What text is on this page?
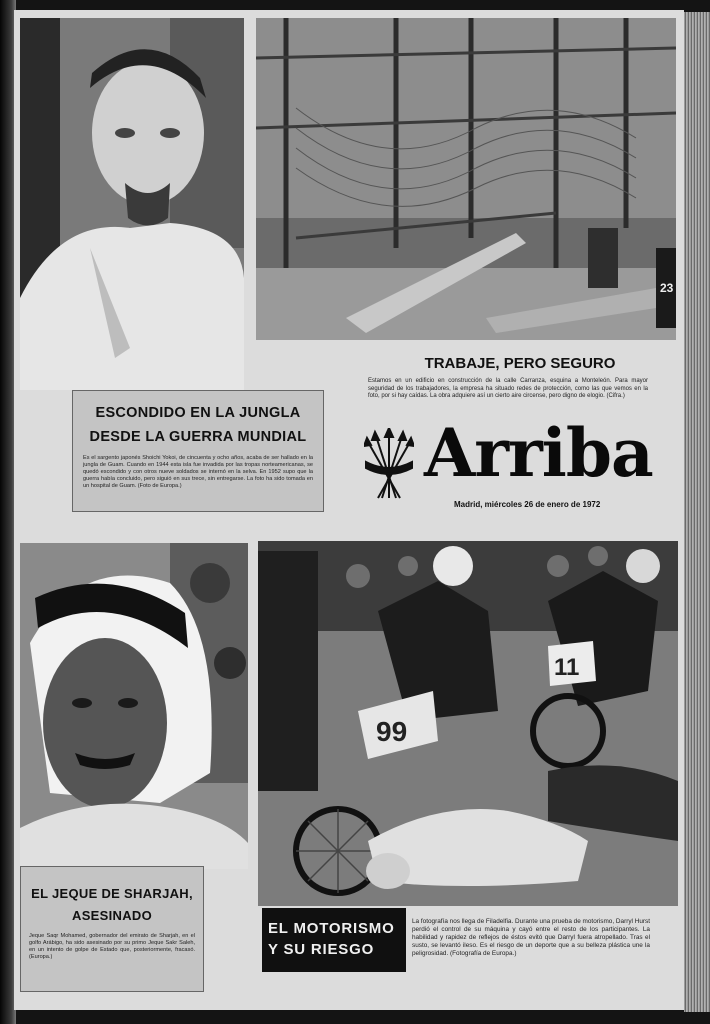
23
ESCONDIDO EN LA JUNGLA DESDE LA GUERRA MUNDIAL
Es el sargento japonés Shoichi Yokoi, de cincuenta y ocho años, acaba de ser hallado en la jungla de Guam. Cuando en 1944 esta isla fue invadida por las tropas norteamericanas, se quedó escondido y con otros nueve soldados se internó en la selva. En 1952 supo que la guerra había concluido, pero siguió en sus trece, sin entregarse. La foto ha sido tomada en un hospital de Guam. (Foto de Europa.)
TRABAJE, PERO SEGURO
Estamos en un edificio en construcción de la calle Carranza, esquina a Monteleón. Para mayor seguridad de los trabajadores, la empresa ha situado redes de protección, como las que vemos en la foto, por si hay caídas. La obra adquiere así un cierto aire circense, pero digno de elogio. (Cifra.)
Arriba
Madrid, miércoles 26 de enero de 1972
EL JEQUE DE SHARJAH, ASESINADO
Jeque Saqr Mohamed, gobernador del emirato de Sharjah, en el golfo Arábigo, ha sido asesinado por su primo Jeque Sakr Saleh, en un intento de golpe de Estado que, posteriormente, fracasó. (Europa.)
99
11
EL MOTORISMO Y SU RIESGO
La fotografía nos llega de Filadelfia. Durante una prueba de motorismo, Darryl Hurst perdió el control de su máquina y cayó entre el resto de los participantes. La habilidad y rapidez de reflejos de éstos evitó que Darryl fuera atropellado. Tras el susto, se levantó ileso. Es el riesgo de un deporte que a su belleza plástica une la peligrosidad. (Fotografía de Europa.)
